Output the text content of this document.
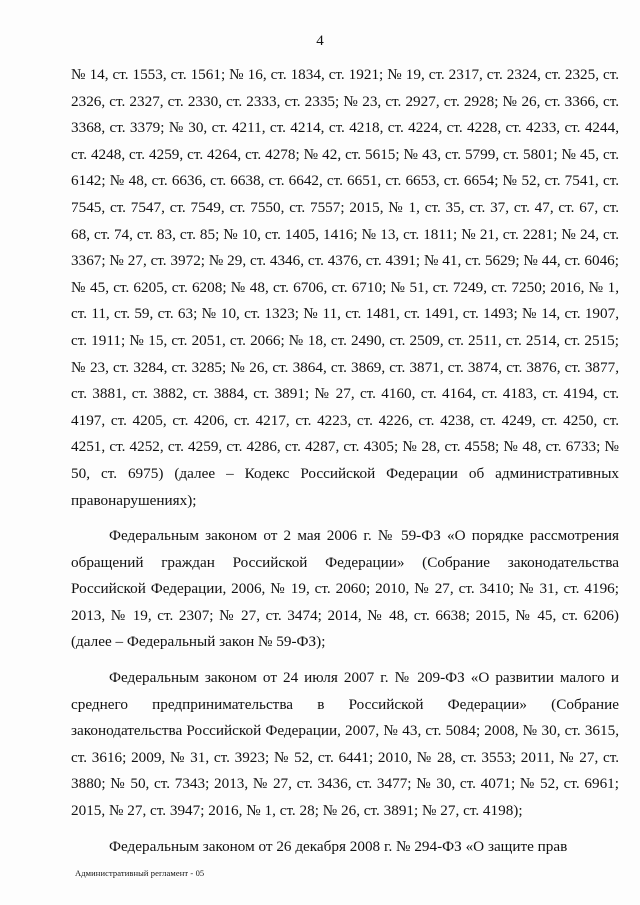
4

№ 14, ст. 1553, ст. 1561; № 16, ст. 1834, ст. 1921; № 19, ст. 2317, ст. 2324, ст. 2325, ст. 2326, ст. 2327, ст. 2330, ст. 2333, ст. 2335; № 23, ст. 2927, ст. 2928; № 26, ст. 3366, ст. 3368, ст. 3379; № 30, ст. 4211, ст. 4214, ст. 4218, ст. 4224, ст. 4228, ст. 4233, ст. 4244, ст. 4248, ст. 4259, ст. 4264, ст. 4278; № 42, ст. 5615; № 43, ст. 5799, ст. 5801; № 45, ст. 6142; № 48, ст. 6636, ст. 6638, ст. 6642, ст. 6651, ст. 6653, ст. 6654; № 52, ст. 7541, ст. 7545, ст. 7547, ст. 7549, ст. 7550, ст. 7557; 2015, № 1, ст. 35, ст. 37, ст. 47, ст. 67, ст. 68, ст. 74, ст. 83, ст. 85; № 10, ст. 1405, 1416; № 13, ст. 1811; № 21, ст. 2281; № 24, ст. 3367; № 27, ст. 3972; № 29, ст. 4346, ст. 4376, ст. 4391; № 41, ст. 5629; № 44, ст. 6046; № 45, ст. 6205, ст. 6208; № 48, ст. 6706, ст. 6710; № 51, ст. 7249, ст. 7250; 2016, № 1, ст. 11, ст. 59, ст. 63; № 10, ст. 1323; № 11, ст. 1481, ст. 1491, ст. 1493; № 14, ст. 1907, ст. 1911; № 15, ст. 2051, ст. 2066; № 18, ст. 2490, ст. 2509, ст. 2511, ст. 2514, ст. 2515; № 23, ст. 3284, ст. 3285; № 26, ст. 3864, ст. 3869, ст. 3871, ст. 3874, ст. 3876, ст. 3877, ст. 3881, ст. 3882, ст. 3884, ст. 3891; № 27, ст. 4160, ст. 4164, ст. 4183, ст. 4194, ст. 4197, ст. 4205, ст. 4206, ст. 4217, ст. 4223, ст. 4226, ст. 4238, ст. 4249, ст. 4250, ст. 4251, ст. 4252, ст. 4259, ст. 4286, ст. 4287, ст. 4305; № 28, ст. 4558; № 48, ст. 6733; № 50, ст. 6975) (далее – Кодекс Российской Федерации об административных правонарушениях);

Федеральным законом от 2 мая 2006 г. № 59-ФЗ «О порядке рассмотрения обращений граждан Российской Федерации» (Собрание законодательства Российской Федерации, 2006, № 19, ст. 2060; 2010, № 27, ст. 3410; № 31, ст. 4196; 2013, № 19, ст. 2307; № 27, ст. 3474; 2014, № 48, ст. 6638; 2015, № 45, ст. 6206) (далее – Федеральный закон № 59-ФЗ);

Федеральным законом от 24 июля 2007 г. № 209-ФЗ «О развитии малого и среднего предпринимательства в Российской Федерации» (Собрание законодательства Российской Федерации, 2007, № 43, ст. 5084; 2008, № 30, ст. 3615, ст. 3616; 2009, № 31, ст. 3923; № 52, ст. 6441; 2010, № 28, ст. 3553; 2011, № 27, ст. 3880; № 50, ст. 7343; 2013, № 27, ст. 3436, ст. 3477; № 30, ст. 4071; № 52, ст. 6961; 2015, № 27, ст. 3947; 2016, № 1, ст. 28; № 26, ст. 3891; № 27, ст. 4198);

Федеральным законом от 26 декабря 2008 г. № 294-ФЗ «О защите прав

Административный регламент - 05
